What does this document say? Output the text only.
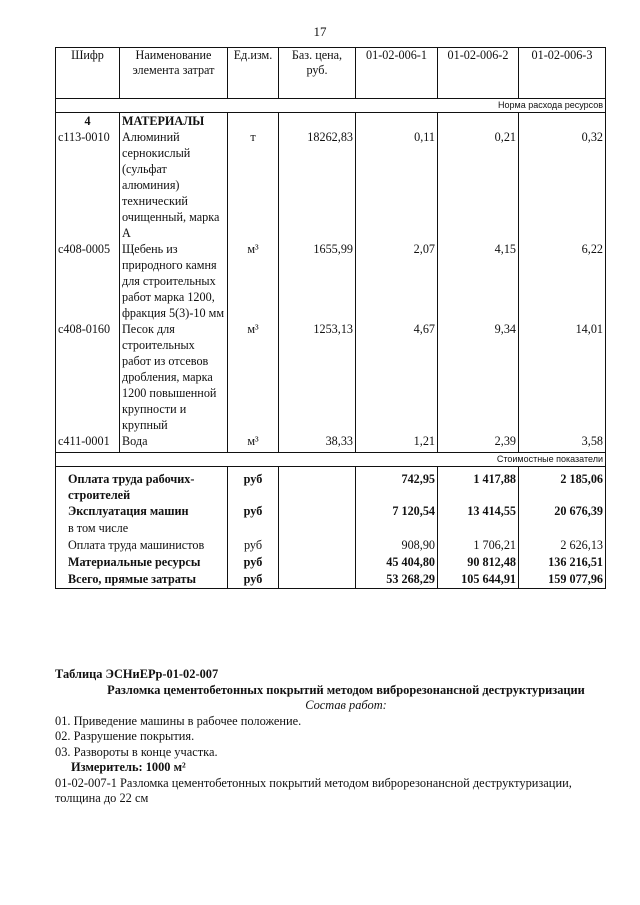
17
Шифр	Наименование элемента затрат	Ед.изм.	Баз. цена, руб.	01-02-006-1	01-02-006-2	01-02-006-3
Норма расхода ресурсов						
4	МАТЕРИАЛЫ					
с113-0010	Алюминий сернокислый (сульфат алюминия) технический очищенный, марка А	т	18262,83	0,11	0,21	0,32
с408-0005	Щебень из природного камня для строительных работ марка 1200, фракция 5(3)-10 мм	м³	1655,99	2,07	4,15	6,22
с408-0160	Песок для строительных работ из отсевов дробления, марка 1200 повышенной крупности и крупный	м³	1253,13	4,67	9,34	14,01
с411-0001	Вода	м³	38,33	1,21	2,39	3,58
Стоимостные показатели						
Оплата труда рабочих-строителей		руб		742,95	1 417,88	2 185,06
Эксплуатация машин		руб		7 120,54	13 414,55	20 676,39
в том числе						
Оплата труда машинистов		руб		908,90	1 706,21	2 626,13
Материальные ресурсы		руб		45 404,80	90 812,48	136 216,51
Всего, прямые затраты		руб		53 268,29	105 644,91	159 077,96

Таблица ЭСНиЕРр-01-02-007

Разломка цементобетонных покрытий методом виброрезонансной деструктуризации

Состав работ:

01. Приведение машины в рабочее положение.

02. Разрушение покрытия.

03. Развороты в конце участка.

Измеритель: 1000 м²

01-02-007-1 Разломка цементобетонных покрытий методом виброрезонансной деструктуризации,

толщина до 22 см
